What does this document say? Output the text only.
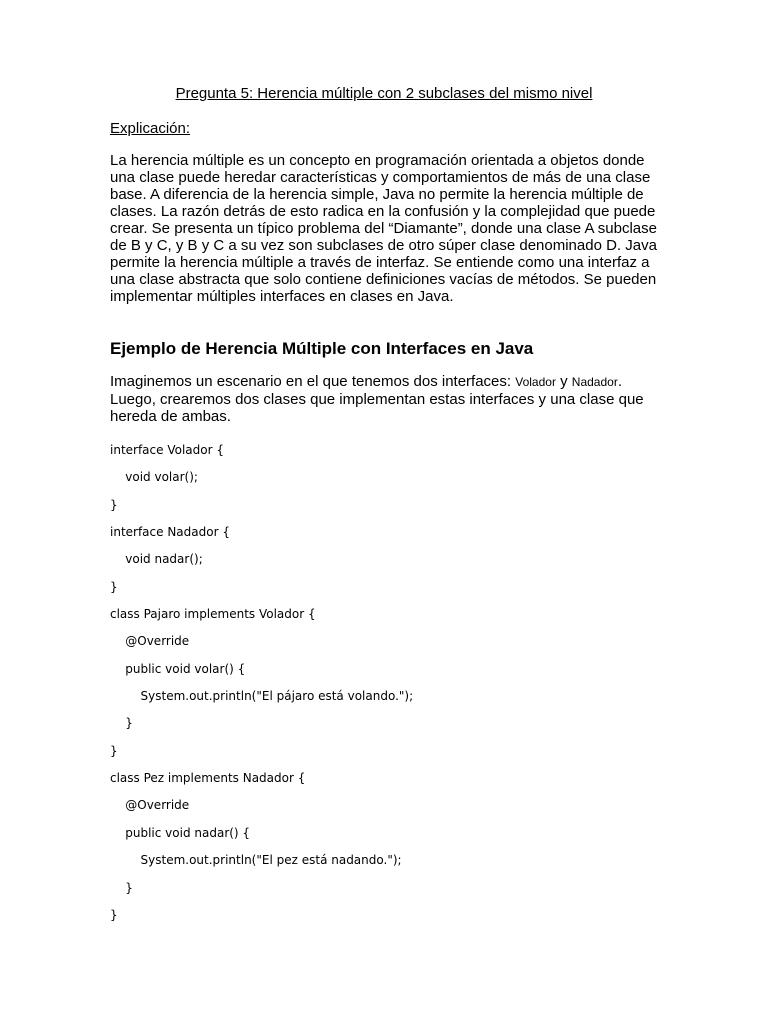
Pregunta 5: Herencia múltiple con 2 subclases del mismo nivel
Explicación:
La herencia múltiple es un concepto en programación orientada a objetos donde una clase puede heredar características y comportamientos de más de una clase base. A diferencia de la herencia simple, Java no permite la herencia múltiple de clases. La razón detrás de esto radica en la confusión y la complejidad que puede crear. Se presenta un típico problema del “Diamante”, donde una clase A subclase de B y C, y B y C a su vez son subclases de otro súper clase denominado D. Java permite la herencia múltiple a través de interfaz. Se entiende como una interfaz a una clase abstracta que solo contiene definiciones vacías de métodos. Se pueden implementar múltiples interfaces en clases en Java.
Ejemplo de Herencia Múltiple con Interfaces en Java
Imaginemos un escenario en el que tenemos dos interfaces: Volador y Nadador. Luego, crearemos dos clases que implementan estas interfaces y una clase que hereda de ambas.
interface Volador {
void volar();
}
interface Nadador {
void nadar();
}
class Pajaro implements Volador {
@Override
public void volar() {
System.out.println("El pájaro está volando.");
}
}
class Pez implements Nadador {
@Override
public void nadar() {
System.out.println("El pez está nadando.");
}
}
